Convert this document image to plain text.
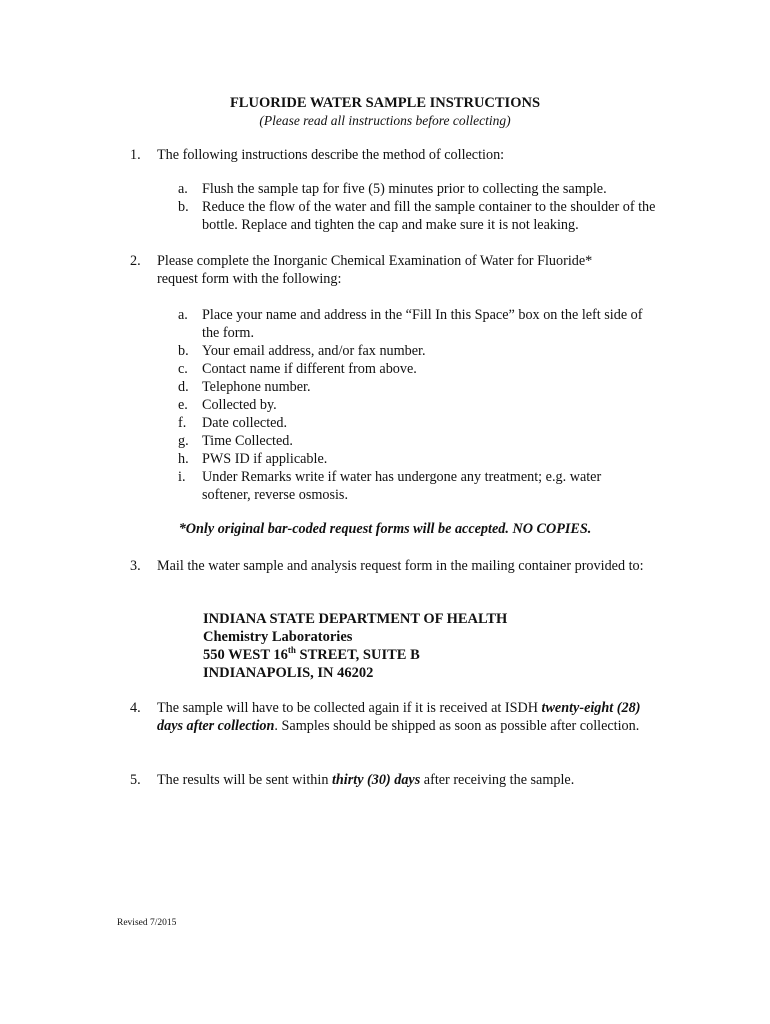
FLUORIDE WATER SAMPLE INSTRUCTIONS
(Please read all instructions before collecting)
1. The following instructions describe the method of collection:
a. Flush the sample tap for five (5) minutes prior to collecting the sample.
b. Reduce the flow of the water and fill the sample container to the shoulder of the bottle. Replace and tighten the cap and make sure it is not leaking.
2. Please complete the Inorganic Chemical Examination of Water for Fluoride* request form with the following:
a. Place your name and address in the “Fill In this Space” box on the left side of the form.
b. Your email address, and/or fax number.
c. Contact name if different from above.
d. Telephone number.
e. Collected by.
f.	Date collected.
g. Time Collected.
h. PWS ID if applicable.
i.	Under Remarks write if water has undergone any treatment; e.g. water softener, reverse osmosis.
*Only original bar-coded request forms will be accepted. NO COPIES.
3. Mail the water sample and analysis request form in the mailing container provided to:
INDIANA STATE DEPARTMENT OF HEALTH
Chemistry Laboratories
550 WEST 16th STREET, SUITE B
INDIANAPOLIS, IN 46202
4. The sample will have to be collected again if it is received at ISDH twenty-eight (28) days after collection. Samples should be shipped as soon as possible after collection.
5. The results will be sent within thirty (30) days after receiving the sample.
Revised 7/2015
